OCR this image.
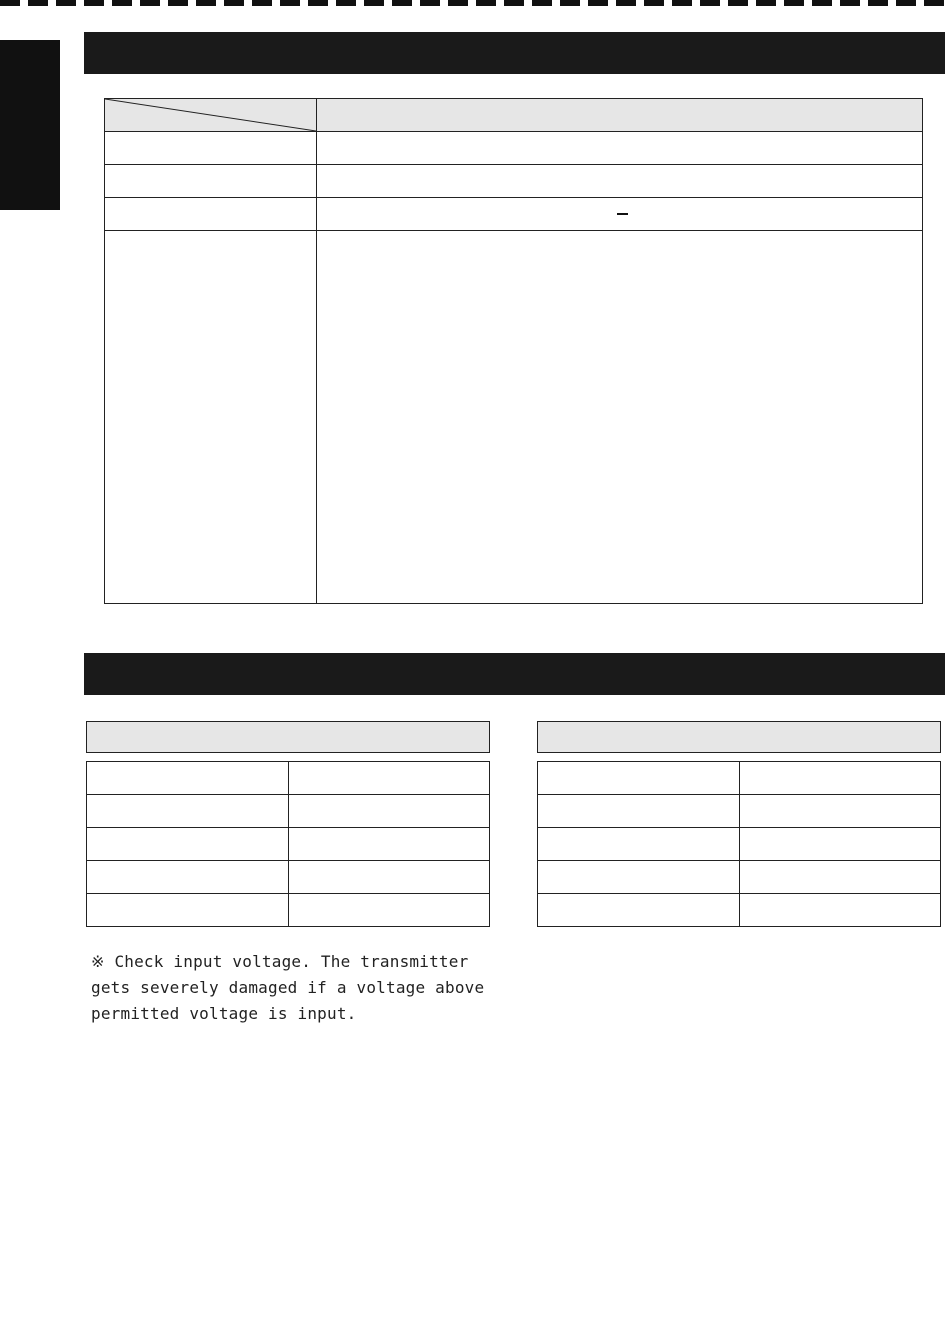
※ Check input voltage. The transmitter gets severely damaged if a voltage above permitted voltage is input.
